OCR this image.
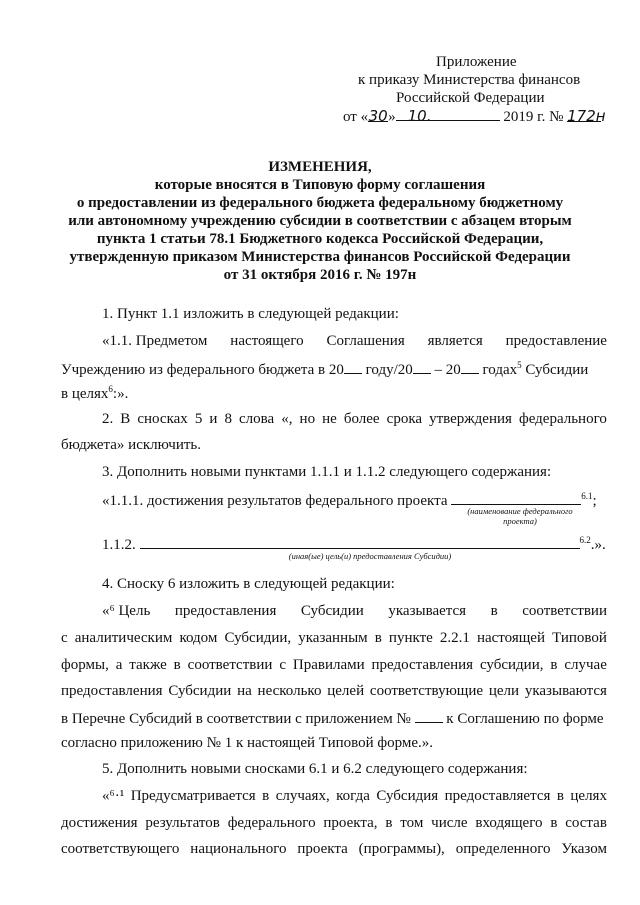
Приложение
к приказу Министерства финансов
Российской Федерации
от «30» 10.	2019 г. № 172н
ИЗМЕНЕНИЯ,
которые вносятся в Типовую форму соглашения
о предоставлении из федерального бюджета федеральному бюджетному
или автономному учреждению субсидии в соответствии с абзацем вторым
пункта 1 статьи 78.1 Бюджетного кодекса Российской Федерации,
утвержденную приказом Министерства финансов Российской Федерации
от 31 октября 2016 г. № 197н
1. Пункт 1.1 изложить в следующей редакции:
«1.1. Предметом настоящего Соглашения является предоставление
Учреждению из федерального бюджета в 20 году/20 – 20 годах$^5$ Субсидии
в целях$^6$:».
2. В сносках 5 и 8 слова «, но не более срока утверждения федерального
бюджета» исключить.
3. Дополнить новыми пунктами 1.1.1 и 1.1.2 следующего содержания:
«1.1.1. достижения результатов федерального проекта	$^{6.1}$;
(наименование федерального
проекта)
1.1.2.	$^{6.2}$.».
(иная(ые) цель(и) предоставления Субсидии)
4. Сноску 6 изложить в следующей редакции:
«⁶ Цель предоставления Субсидии указывается в соответствии
с аналитическим кодом Субсидии, указанным в пункте 2.2.1 настоящей Типовой
формы, а также в соответствии с Правилами предоставления субсидии, в случае
предоставления Субсидии на несколько целей соответствующие цели указываются
в Перечне Субсидий в соответствии с приложением №  к Соглашению по форме
согласно приложению № 1 к настоящей Типовой форме.».
5. Дополнить новыми сносками 6.1 и 6.2 следующего содержания:
«⁶·¹ Предусматривается в случаях, когда Субсидия предоставляется в целях
достижения результатов федерального проекта, в том числе входящего в состав
соответствующего национального проекта (программы), определенного Указом
